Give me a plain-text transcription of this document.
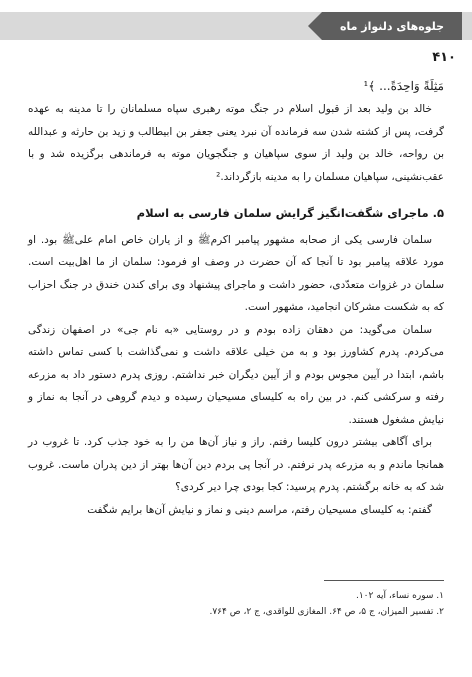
جلوه‌های دلنواز ماه
۴۱۰

مَثِلَةً وَاحِدَةً... ﴾¹

خالد بن ولید بعد از قبول اسلام در جنگ موته رهبری سپاه مسلمانان را تا مدینه به عهده گرفت، پس از کشته شدن سه فرمانده آن نبرد یعنی جعفر بن ابیطالب و زید بن حارثه و عبدالله بن رواحه، خالد بن ولید از سوی سپاهیان و جنگجویان موته به فرماندهی برگزیده شد و با عقب‌نشینی، سپاهیان مسلمان را به مدینه بازگرداند.²

۵. ماجرای شگفت‌انگیز گرایش سلمان فارسی به اسلام

سلمان فارسی یکی از صحابه مشهور پیامبر اکرمﷺ و از یاران خاص امام علیﷺ بود. او مورد علاقه پیامبر بود تا آنجا که آن حضرت در وصف او فرمود: سلمان از ما اهل‌بیت است. سلمان در غزوات متعدّدی، حضور داشت و ماجرای پیشنهاد وی برای کندن خندق در جنگ احزاب که به شکست مشرکان انجامید، مشهور است.

سلمان می‌گوید: من دهقان زاده بودم و در روستایی «به نام جی» در اصفهان زندگی می‌کردم. پدرم کشاورز بود و به من خیلی علاقه داشت و نمی‌گذاشت با کسی تماس داشته باشم، ابتدا در آیین مجوس بودم و از آیین دیگران خبر نداشتم. روزی پدرم دستور داد به مزرعه رفته و سرکشی کنم. در بین راه به کلیسای مسیحیان رسیده و دیدم گروهی در آنجا به نماز و نیایش مشغول هستند.

برای آگاهی بیشتر درون کلیسا رفتم. راز و نیاز آن‌ها من را به خود جذب کرد. تا غروب در همانجا ماندم و به مزرعه پدر نرفتم. در آنجا پی بردم دین آن‌ها بهتر از دین پدران ماست. غروب شد که به خانه برگشتم. پدرم پرسید: کجا بودی چرا دیر کردی؟

گفتم: به کلیسای مسیحیان رفتم، مراسم دینی و نماز و نیایش آن‌ها برایم شگفت

۱. سوره نساء، آیه ۱۰۲.

۲. تفسیر المیزان، ج ۵، ص ۶۴. المغازی للواقدی، ج ۲، ص ۷۶۴.
